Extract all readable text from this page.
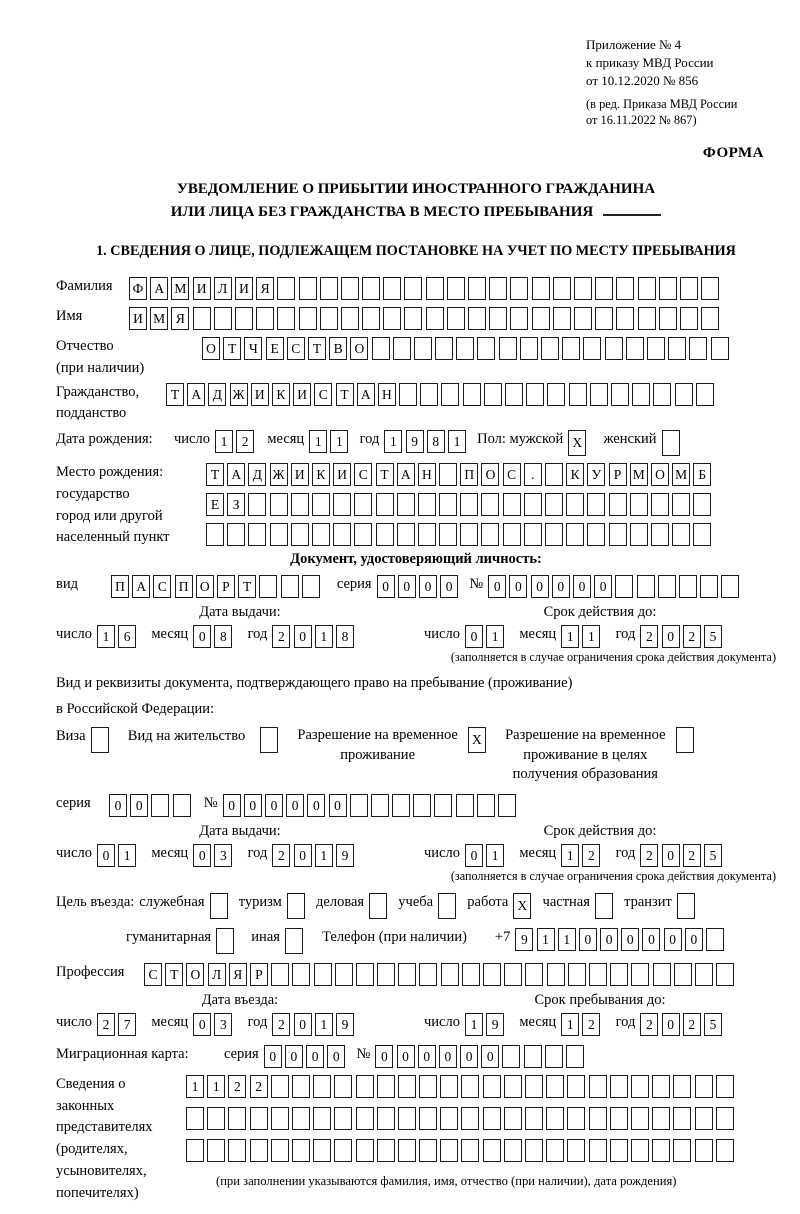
Приложение № 4
к приказу МВД России
от 10.12.2020 № 856
(в ред. Приказа МВД России
от 16.11.2022 № 867)
ФОРМА
УВЕДОМЛЕНИЕ О ПРИБЫТИИ ИНОСТРАННОГО ГРАЖДАНИНА
ИЛИ ЛИЦА БЕЗ ГРАЖДАНСТВА В МЕСТО ПРЕБЫВАНИЯ
1. СВЕДЕНИЯ О ЛИЦЕ, ПОДЛЕЖАЩЕМ ПОСТАНОВКЕ НА УЧЕТ ПО МЕСТУ ПРЕБЫВАНИЯ
Фамилия	Ф А М И Л И Я
Имя	И М Я
Отчество
(при наличии)
О Т Ч Е С Т В О
Гражданство,
подданство
Т А Д Ж И К И С Т А Н
Дата рождения:	число 1	2	месяц 1	1	год 1	9	8	1	Пол: мужской X женский
Место рождения:
государство
город или другой
населенный пункт
Т А Д Ж И К И С Т А Н	П О С	.	К У Р М О М Б
Е	З
Документ, удостоверяющий личность:
вид	П А С П О Р Т	серия 0	0	0	0	№ 0	0	0	0	0	0
Дата выдачи:
число 1	6	месяц 0	8	год 2	0	1	8
Срок действия до:
число 0	1	месяц 1	1	год 2	0	2	5
(заполняется в случае ограничения срока действия документа)
Вид и реквизиты документа, подтверждающего право на пребывание (проживание)
в Российской Федерации:
Виза	Вид на жительство	Разрешение на временное
проживание
X Разрешение на временное
проживание в целях
получения образования
серия	0	0	№ 0	0	0	0	0	0
Дата выдачи:
число 0	1	месяц 0	3	год 2	0	1	9
Срок действия до:
число 0	1	месяц 1	2	год 2	0	2	5
(заполняется в случае ограничения срока действия документа)
Цель въезда: служебная туризм деловая учеба работа X частная транзит
гуманитарная	иная	Телефон (при наличии) +7 9	1	1	0	0	0	0	0	0
Профессия	С Т О Л Я Р
Дата въезда:
число 2	7	месяц 0	3	год 2	0	1	9
Срок пребывания до:
число 1	9	месяц 1	2	год 2	0	2	5
Миграционная карта:	серия 0	0	0	0	№ 0	0	0	0	0	0
Сведения о
законных
представителях
(родителях,
усыновителях,
попечителях)
1	1	2	2
(при заполнении указываются фамилия, имя, отчество (при наличии), дата рождения)
